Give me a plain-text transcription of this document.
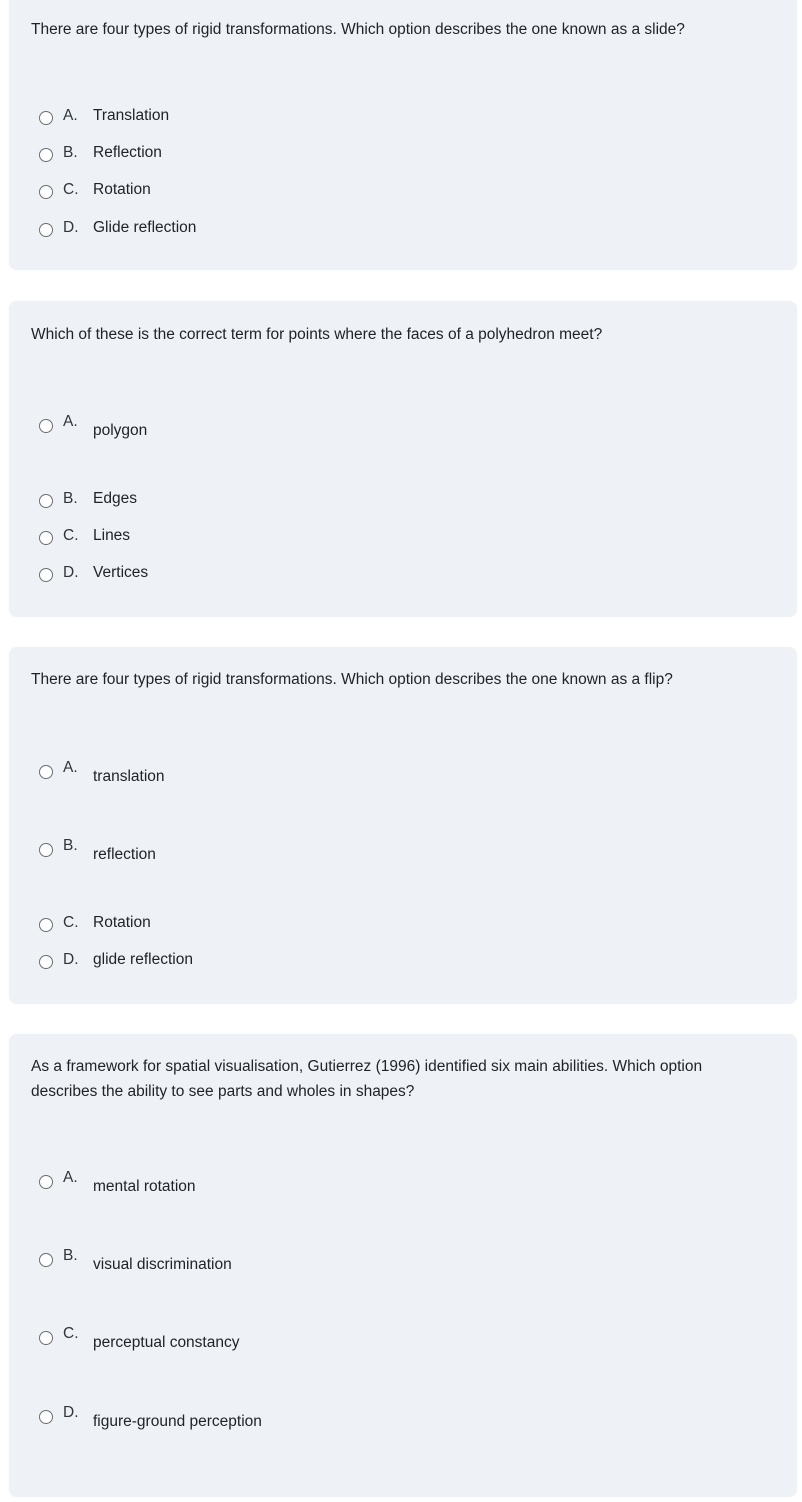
There are four types of rigid transformations. Which option describes the one known as a slide?
A. Translation
B. Reflection
C. Rotation
D. Glide reflection
Which of these is the correct term for points where the faces of a polyhedron meet?
A.
polygon
B. Edges
C. Lines
D. Vertices
There are four types of rigid transformations. Which option describes the one known as a flip?
A.
translation
B.
reflection
C. Rotation
D. glide reflection
As a framework for spatial visualisation, Gutierrez (1996) identified six main abilities. Which option describes the ability to see parts and wholes in shapes?
A.
mental rotation
B.
visual discrimination
C.
perceptual constancy
D.
figure-ground perception
